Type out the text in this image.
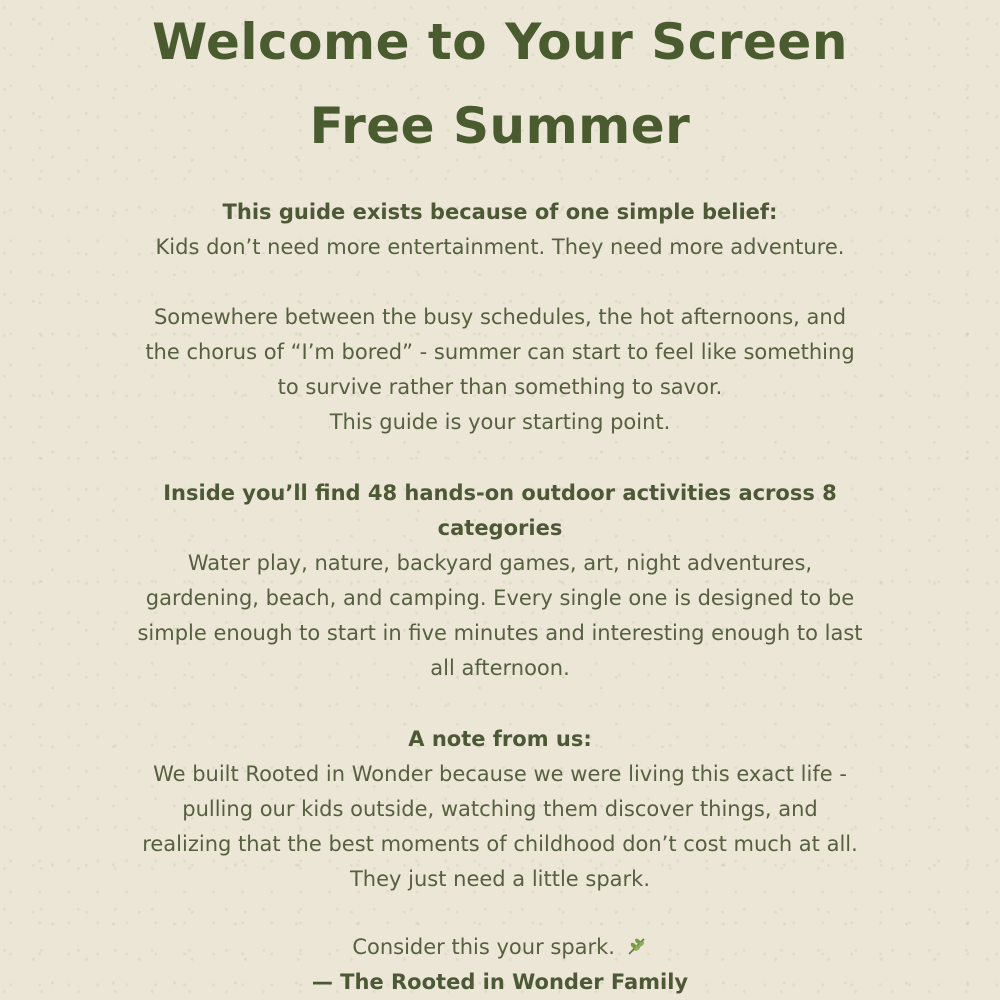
Welcome to Your Screen
Free Summer
This guide exists because of one simple belief:
Kids don’t need more entertainment. They need more adventure.
Somewhere between the busy schedules, the hot afternoons, and
the chorus of “I’m bored” - summer can start to feel like something
to survive rather than something to savor.
This guide is your starting point.
Inside you’ll find 48 hands-on outdoor activities across 8
categories
Water play, nature, backyard games, art, night adventures,
gardening, beach, and camping. Every single one is designed to be
simple enough to start in five minutes and interesting enough to last
all afternoon.
A note from us:
We built Rooted in Wonder because we were living this exact life -
pulling our kids outside, watching them discover things, and
realizing that the best moments of childhood don’t cost much at all.
They just need a little spark.
Consider this your spark.
— The Rooted in Wonder Family
